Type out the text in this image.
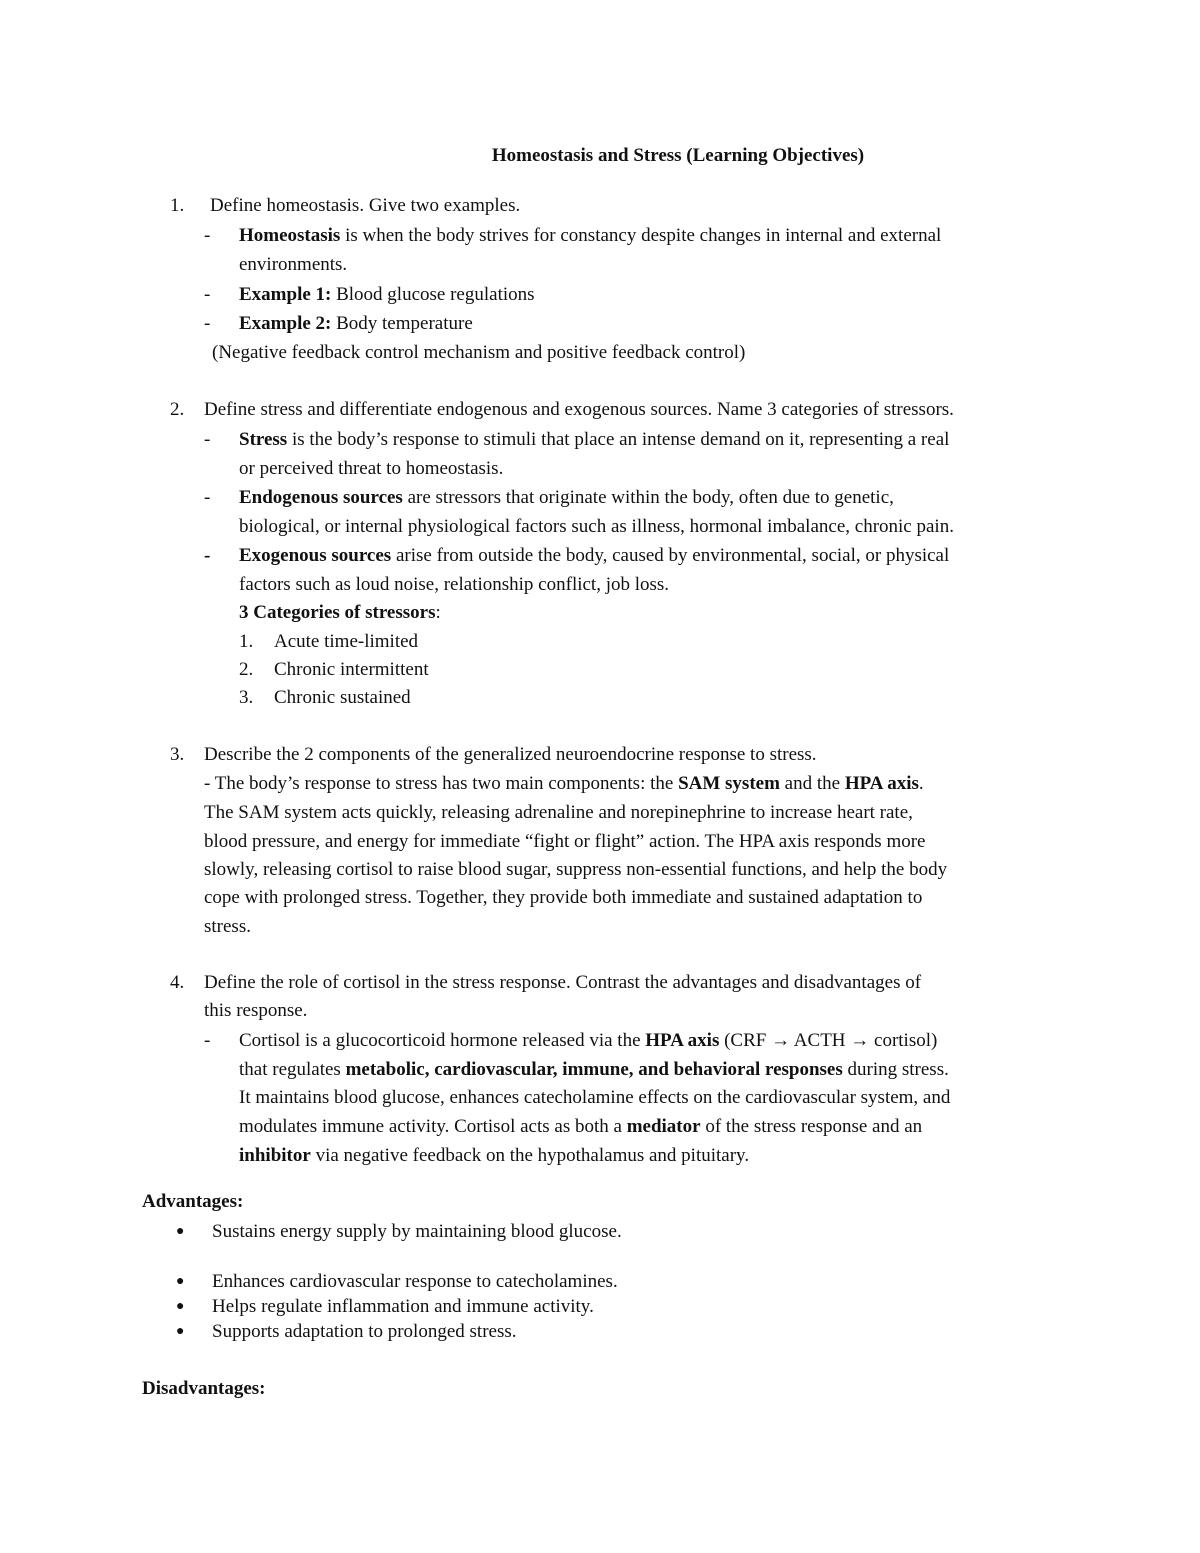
Homeostasis and Stress (Learning Objectives)
1. Define homeostasis. Give two examples.
- Homeostasis is when the body strives for constancy despite changes in internal and external
environments.
- Example 1: Blood glucose regulations
- Example 2: Body temperature
(Negative feedback control mechanism and positive feedback control)
2. Define stress and differentiate endogenous and exogenous sources. Name 3 categories of stressors.
- Stress is the body’s response to stimuli that place an intense demand on it, representing a real
or perceived threat to homeostasis.
- Endogenous sources are stressors that originate within the body, often due to genetic,
biological, or internal physiological factors such as illness, hormonal imbalance, chronic pain.
- Exogenous sources arise from outside the body, caused by environmental, social, or physical
factors such as loud noise, relationship conflict, job loss.
3 Categories of stressors:
1. Acute time-limited
2. Chronic intermittent
3. Chronic sustained
3. Describe the 2 components of the generalized neuroendocrine response to stress.
- The body’s response to stress has two main components: the SAM system and the HPA axis.
The SAM system acts quickly, releasing adrenaline and norepinephrine to increase heart rate,
blood pressure, and energy for immediate “fight or flight” action. The HPA axis responds more
slowly, releasing cortisol to raise blood sugar, suppress non-essential functions, and help the body
cope with prolonged stress. Together, they provide both immediate and sustained adaptation to
stress.
4. Define the role of cortisol in the stress response. Contrast the advantages and disadvantages of
this response.
- Cortisol is a glucocorticoid hormone released via the HPA axis (CRF → ACTH → cortisol)
that regulates metabolic, cardiovascular, immune, and behavioral responses during stress.
It maintains blood glucose, enhances catecholamine effects on the cardiovascular system, and
modulates immune activity. Cortisol acts as both a mediator of the stress response and an
inhibitor via negative feedback on the hypothalamus and pituitary.
Advantages:
● Sustains energy supply by maintaining blood glucose.
● Enhances cardiovascular response to catecholamines.
● Helps regulate inflammation and immune activity.
● Supports adaptation to prolonged stress.
Disadvantages:
